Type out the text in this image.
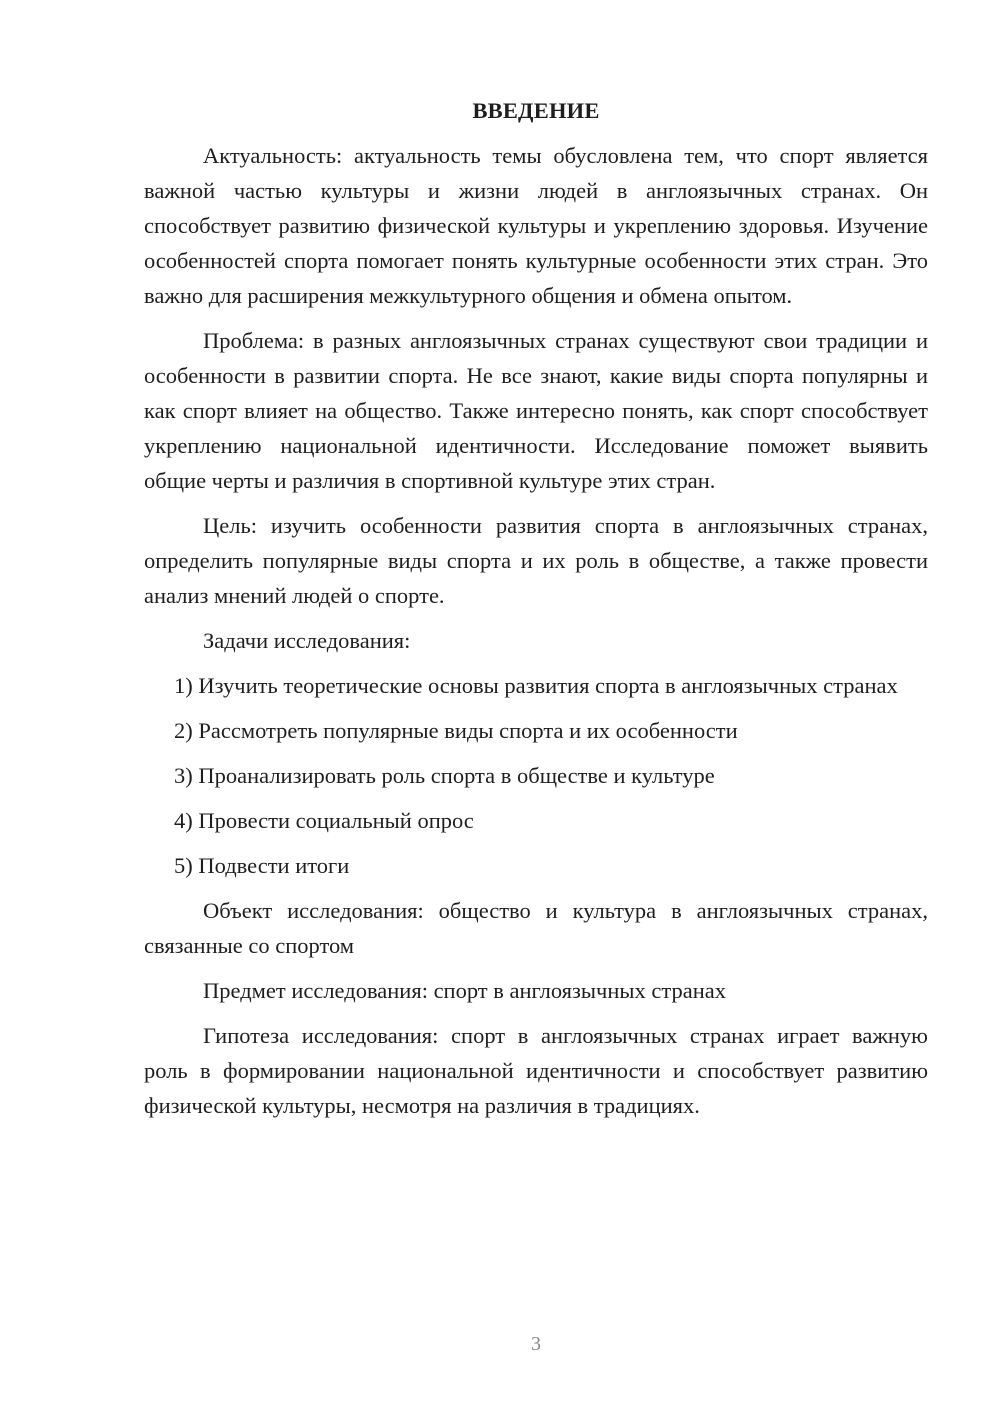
ВВЕДЕНИЕ

Актуальность: актуальность темы обусловлена тем, что спорт является важной частью культуры и жизни людей в англоязычных странах. Он способствует развитию физической культуры и укреплению здоровья. Изучение особенностей спорта помогает понять культурные особенности этих стран. Это важно для расширения межкультурного общения и обмена опытом.

Проблема: в разных англоязычных странах существуют свои традиции и особенности в развитии спорта. Не все знают, какие виды спорта популярны и как спорт влияет на общество. Также интересно понять, как спорт способствует укреплению национальной идентичности. Исследование поможет выявить общие черты и различия в спортивной культуре этих стран.

Цель: изучить особенности развития спорта в англоязычных странах, определить популярные виды спорта и их роль в обществе, а также провести анализ мнений людей о спорте.

Задачи исследования:

1) Изучить теоретические основы развития спорта в англоязычных странах

2) Рассмотреть популярные виды спорта и их особенности

3) Проанализировать роль спорта в обществе и культуре

4) Провести социальный опрос

5) Подвести итоги

Объект исследования: общество и культура в англоязычных странах, связанные со спортом

Предмет исследования: спорт в англоязычных странах

Гипотеза исследования: спорт в англоязычных странах играет важную роль в формировании национальной идентичности и способствует развитию физической культуры, несмотря на различия в традициях.

3
